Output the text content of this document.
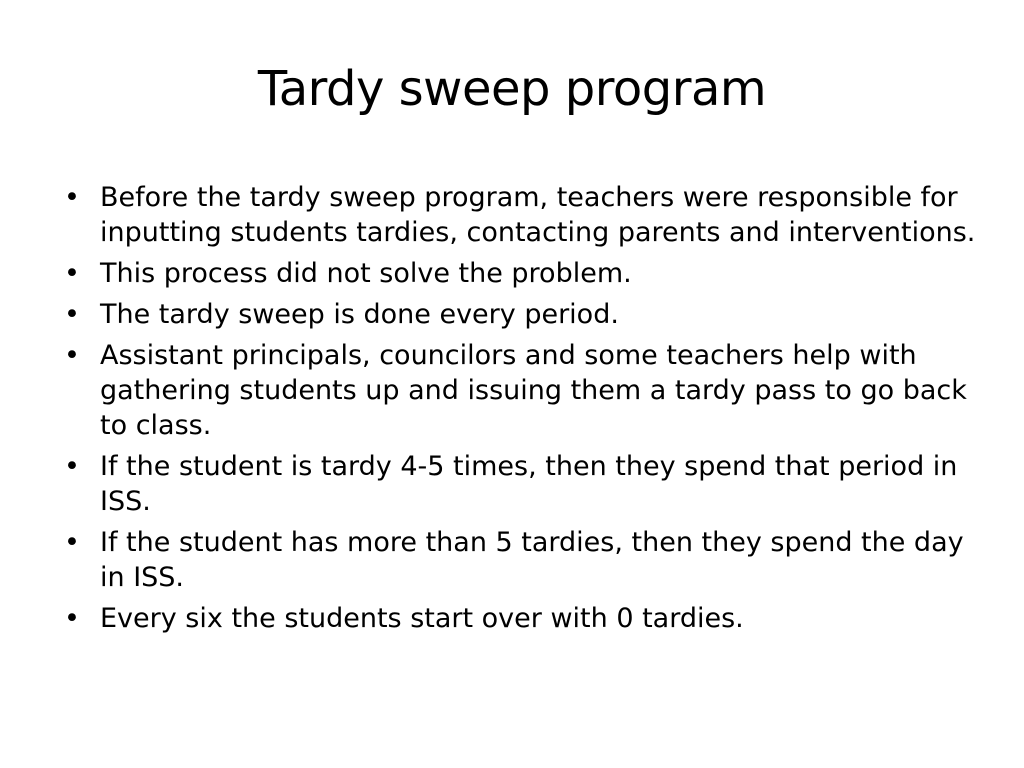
Tardy sweep program
• Before the tardy sweep program, teachers were responsible for inputting students tardies, contacting parents and interventions.
• This process did not solve the problem.
• The tardy sweep is done every period.
• Assistant principals, councilors and some teachers help with gathering students up and issuing them a tardy pass to go back to class.
• If the student is tardy 4-5 times, then they spend that period in ISS.
• If the student has more than 5 tardies, then they spend the day in ISS.
• Every six the students start over with 0 tardies.
